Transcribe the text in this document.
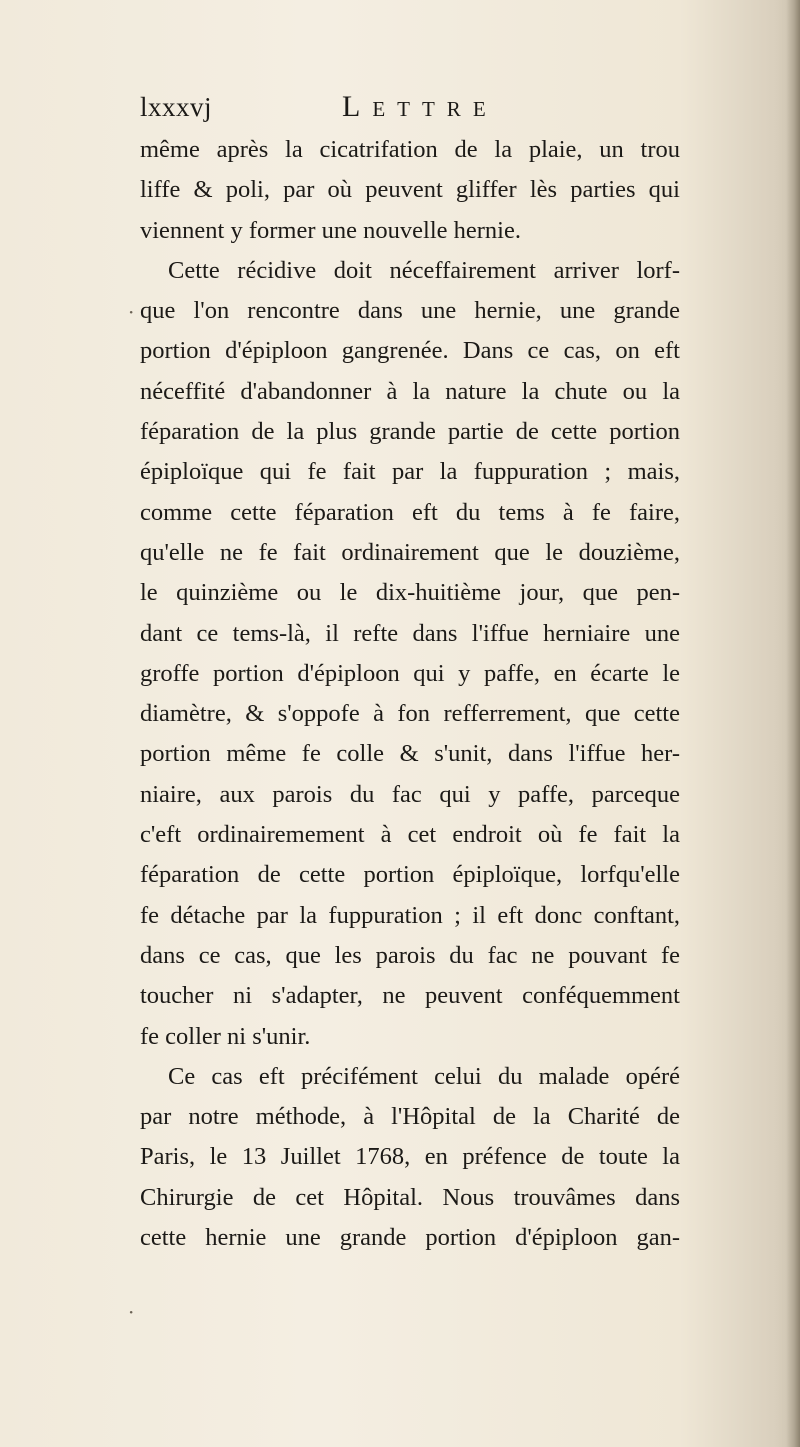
lxxxvj	Lettre
même après la cicatrifation de la plaie, un trou
liffe & poli, par où peuvent gliffer lès parties qui
viennent y former une nouvelle hernie.
Cette récidive doit néceffairement arriver lorf-
que l'on rencontre dans une hernie, une grande
portion d'épiploon gangrenée. Dans ce cas, on eft
néceffité d'abandonner à la nature la chute ou la
féparation de la plus grande partie de cette portion
épiploïque qui fe fait par la fuppuration ; mais,
comme cette féparation eft du tems à fe faire,
qu'elle ne fe fait ordinairement que le douzième,
le quinzième ou le dix-huitième jour, que pen-
dant ce tems-là, il refte dans l'iffue herniaire une
groffe portion d'épiploon qui y paffe, en écarte le
diamètre, & s'oppofe à fon refferrement, que cette
portion même fe colle & s'unit, dans l'iffue her-
niaire, aux parois du fac qui y paffe, parceque
c'eft ordinairemement à cet endroit où fe fait la
féparation de cette portion épiploïque, lorfqu'elle
fe détache par la fuppuration ; il eft donc conftant,
dans ce cas, que les parois du fac ne pouvant fe
toucher ni s'adapter, ne peuvent conféquemment
fe coller ni s'unir.
Ce cas eft précifément celui du malade opéré
par notre méthode, à l'Hôpital de la Charité de
Paris, le 13 Juillet 1768, en préfence de toute la
Chirurgie de cet Hôpital. Nous trouvâmes dans
cette hernie une grande portion d'épiploon gan-
·
·
